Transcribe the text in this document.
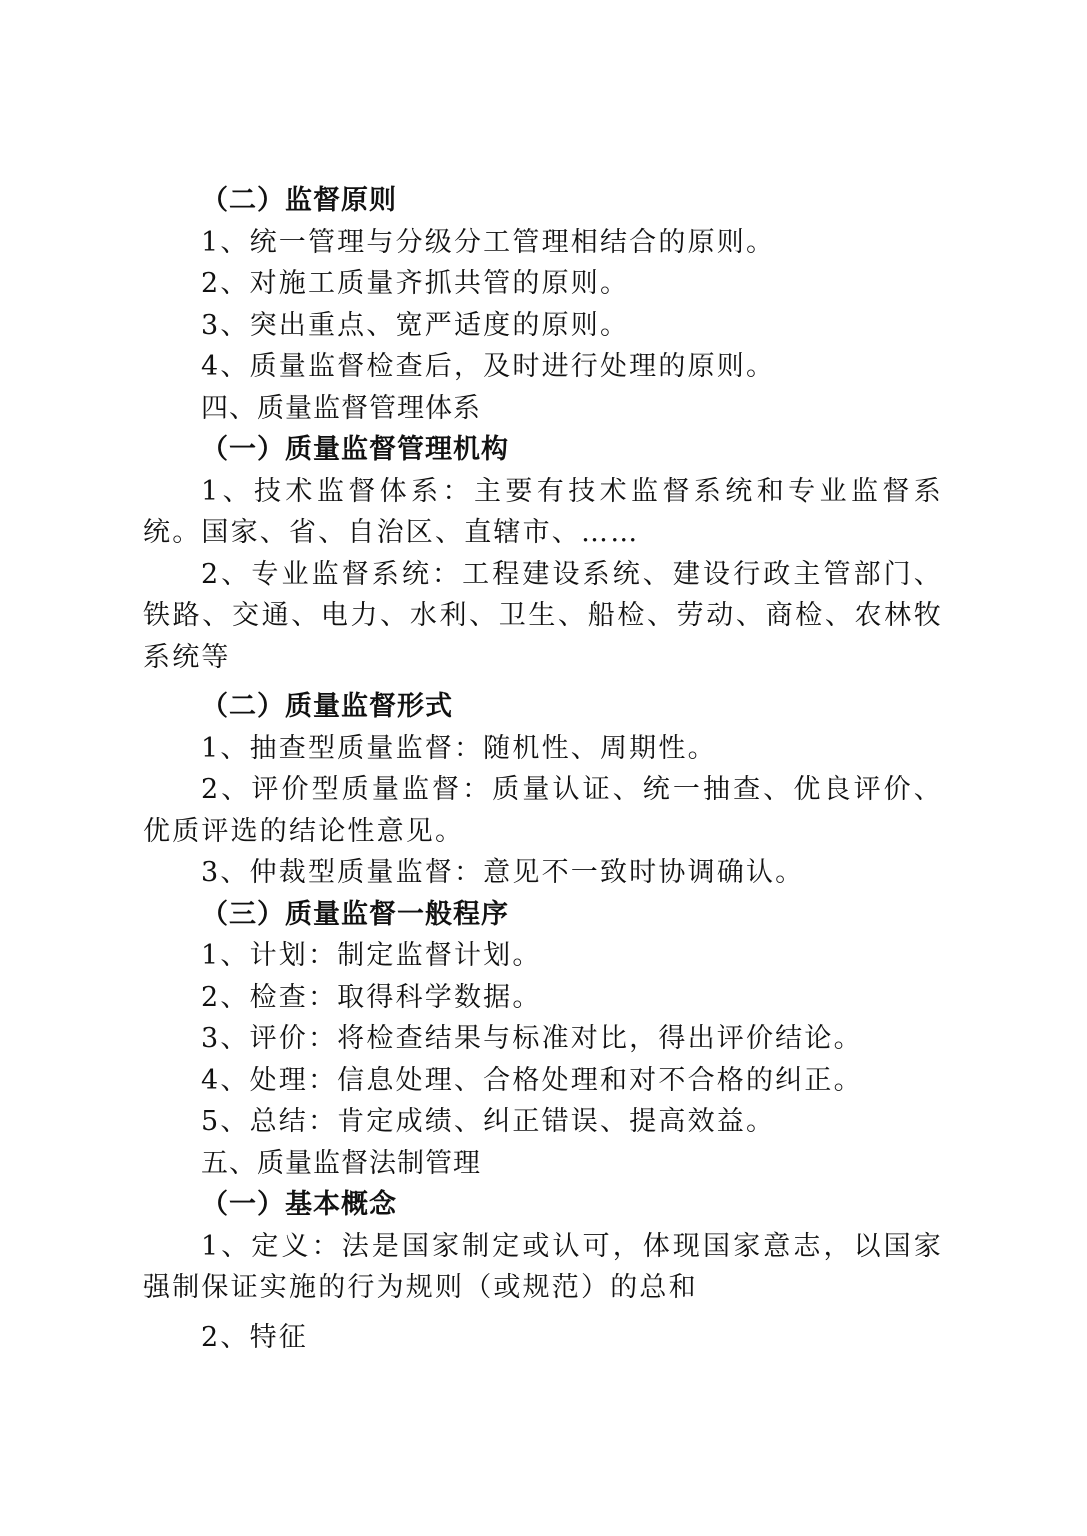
（二）监督原则

1、统一管理与分级分工管理相结合的原则。

2、对施工质量齐抓共管的原则。

3、突出重点、宽严适度的原则。

4、质量监督检查后，及时进行处理的原则。

四、质量监督管理体系

（一）质量监督管理机构

1、技术监督体系：主要有技术监督系统和专业监督系统。国家、省、自治区、直辖市、……

2、专业监督系统：工程建设系统、建设行政主管部门、铁路、交通、电力、水利、卫生、船检、劳动、商检、农林牧系统等

（二）质量监督形式

1、抽查型质量监督：随机性、周期性。

2、评价型质量监督：质量认证、统一抽查、优良评价、优质评选的结论性意见。

3、仲裁型质量监督：意见不一致时协调确认。

（三）质量监督一般程序

1、计划：制定监督计划。

2、检查：取得科学数据。

3、评价：将检查结果与标准对比，得出评价结论。

4、处理：信息处理、合格处理和对不合格的纠正。

5、总结：肯定成绩、纠正错误、提高效益。

五、质量监督法制管理

（一）基本概念

1、定义：法是国家制定或认可，体现国家意志，以国家强制保证实施的行为规则（或规范）的总和

2、特征
